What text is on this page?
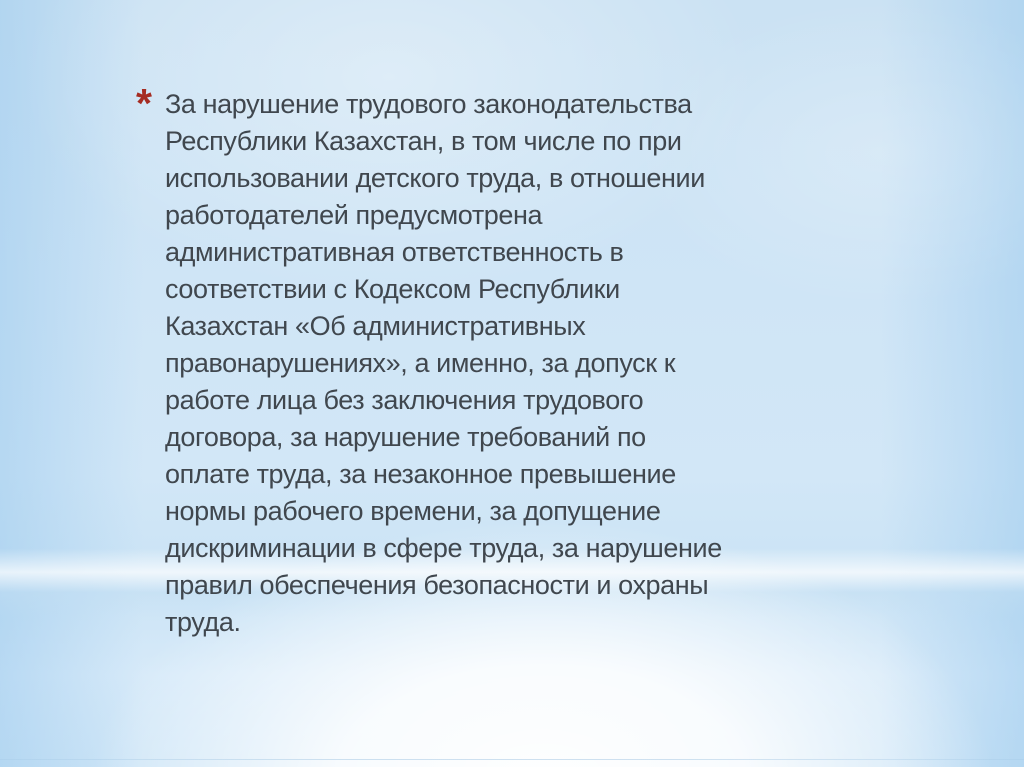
* За нарушение трудового законодательства
Республики Казахстан, в том числе по при
использовании детского труда, в отношении
работодателей предусмотрена
административная ответственность в
соответствии с Кодексом Республики
Казахстан «Об административных
правонарушениях», а именно, за допуск к
работе лица без заключения трудового
договора, за нарушение требований по
оплате труда, за незаконное превышение
нормы рабочего времени, за допущение
дискриминации в сфере труда, за нарушение
правил обеспечения безопасности и охраны
труда.
